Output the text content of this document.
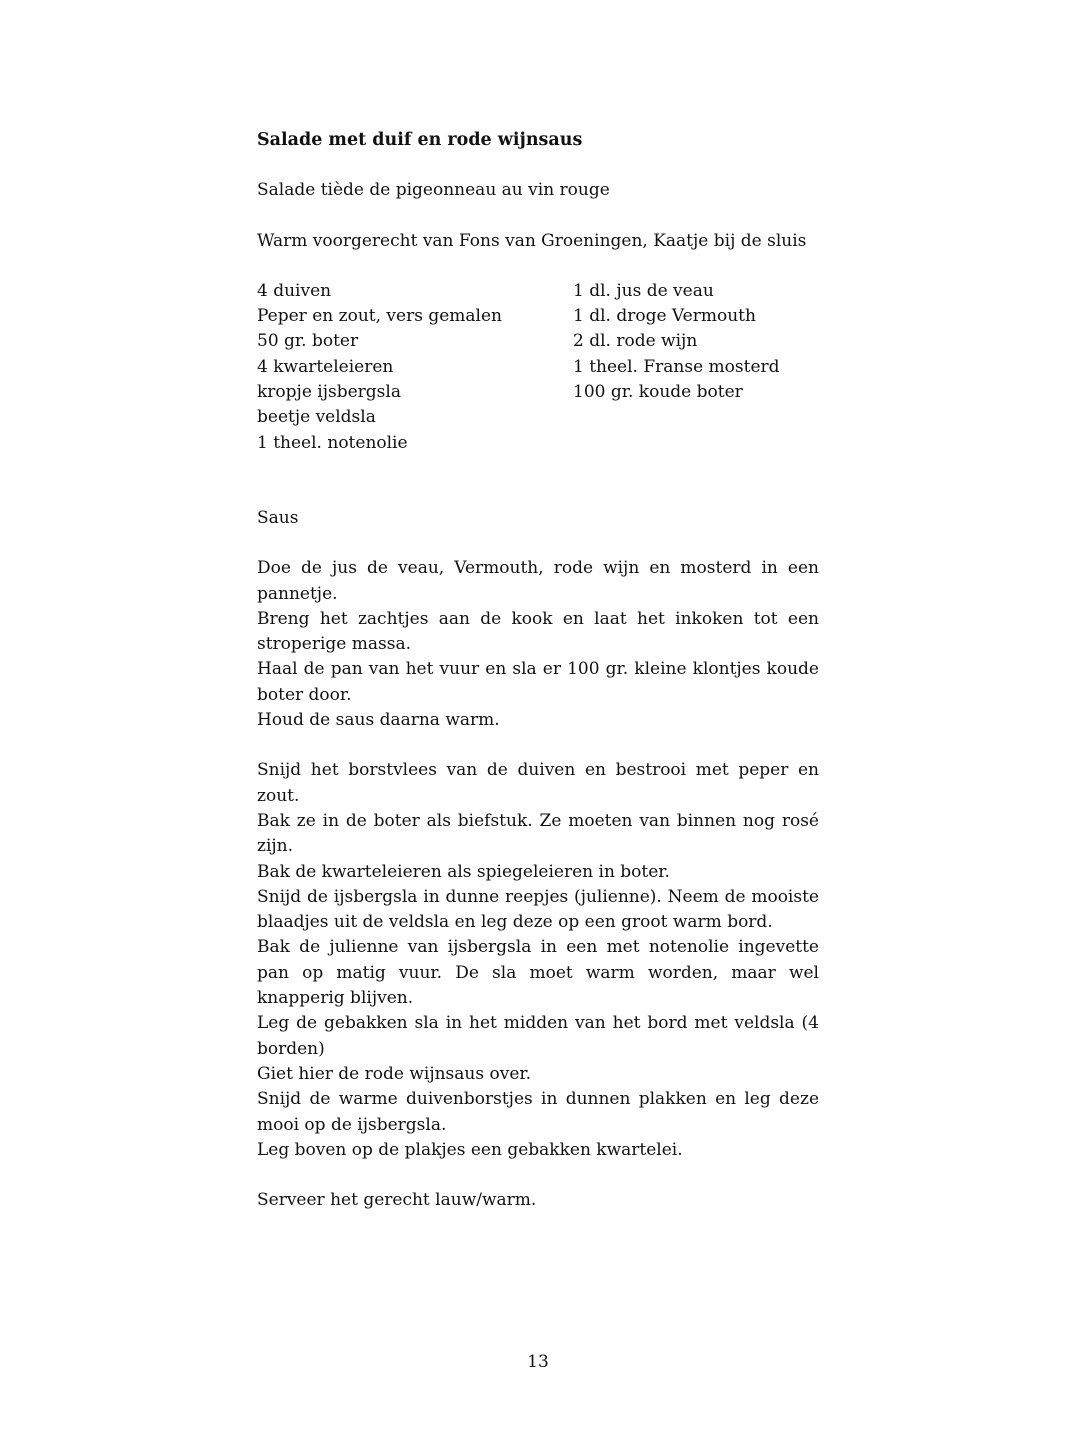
Salade met duif en rode wijnsaus

Salade tiède de pigeonneau au vin rouge

Warm voorgerecht van Fons van Groeningen, Kaatje bij de sluis

4 duiven
Peper en zout, vers gemalen
50 gr. boter
4 kwarteleieren
kropje ijsbergsla
beetje veldsla
1 theel. notenolie
1 dl. jus de veau
1 dl. droge Vermouth
2 dl. rode wijn
1 theel. Franse mosterd
100 gr. koude boter

Saus

Doe de jus de veau, Vermouth, rode wijn en mosterd in een pannetje.
Breng het zachtjes aan de kook en laat het inkoken tot een stroperige massa.
Haal de pan van het vuur en sla er 100 gr. kleine klontjes koude boter door.
Houd de saus daarna warm.
Snijd het borstvlees van de duiven en bestrooi met peper en zout.
Bak ze in de boter als biefstuk. Ze moeten van binnen nog rosé zijn.
Bak de kwarteleieren als spiegeleieren in boter.
Snijd de ijsbergsla in dunne reepjes (julienne). Neem de mooiste blaadjes uit de veldsla en leg deze op een groot warm bord.
Bak de julienne van ijsbergsla in een met notenolie ingevette pan op matig vuur. De sla moet warm worden, maar wel knapperig blijven.
Leg de gebakken sla in het midden van het bord met veldsla (4 borden)
Giet hier de rode wijnsaus over.
Snijd de warme duivenborstjes in dunnen plakken en leg deze mooi op de ijsbergsla.
Leg boven op de plakjes een gebakken kwartelei.

Serveer het gerecht lauw/warm.

13
